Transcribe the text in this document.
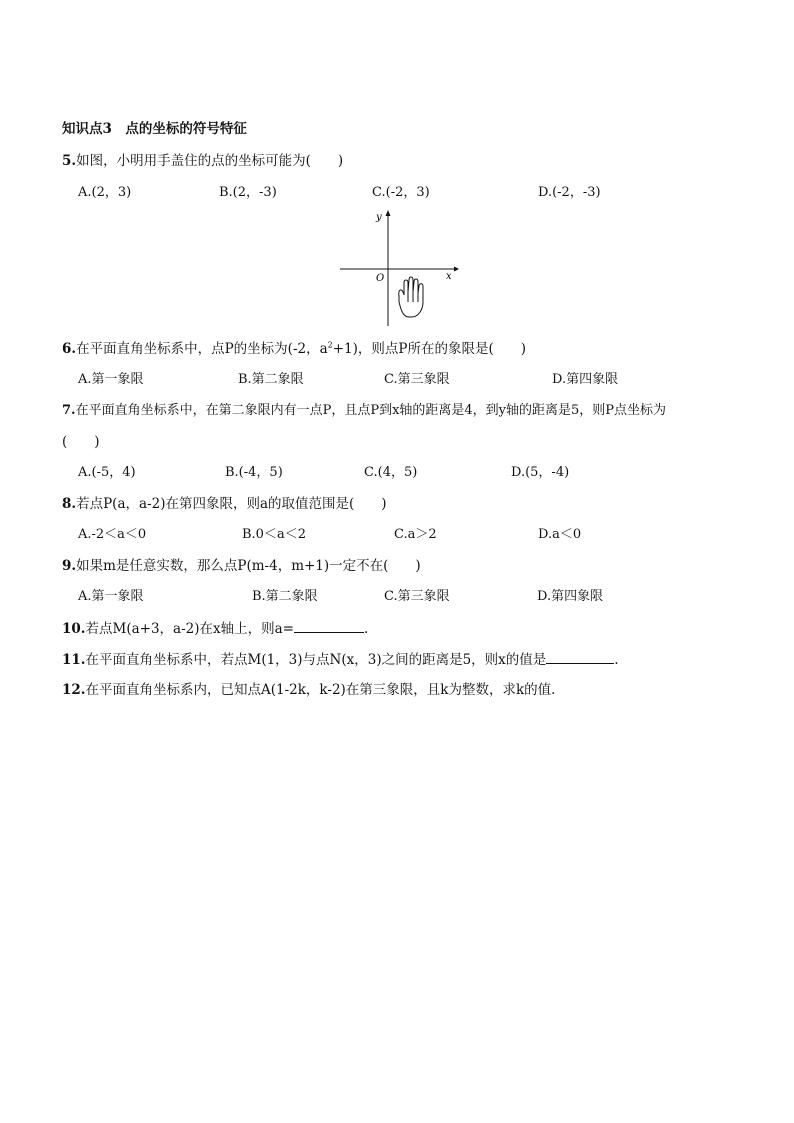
知识点3　点的坐标的符号特征
5.如图，小明用手盖住的点的坐标可能为(　　)
A.(2，3)	B.(2，-3)	C.(-2，3)	D.(-2，-3)
y
x
O
6.在平面直角坐标系中，点P的坐标为(-2，$a^2+1$)，则点P所在的象限是(　　)
A.第一象限	B.第二象限	C.第三象限	D.第四象限
7.在平面直角坐标系中，在第二象限内有一点P，且点P到x轴的距离是4，到y轴的距离是5，则P点坐标为
(　　)
A.(-5，4)	B.(-4，5)	C.(4，5)	D.(5，-4)
8.若点P(a，a-2)在第四象限，则a的取值范围是(　　)
A.-2＜a＜0	B.0＜a＜2	C.a＞2	D.a＜0
9.如果m是任意实数，那么点P(m-4，m+1)一定不在(　　)
A.第一象限	B.第二象限	C.第三象限	D.第四象限
10.若点M(a+3，a-2)在x轴上，则a=	.
11.在平面直角坐标系中，若点M(1，3)与点N(x，3)之间的距离是5，则x的值是	.
12.在平面直角坐标系内，已知点A(1-2k，k-2)在第三象限，且k为整数，求k的值.
